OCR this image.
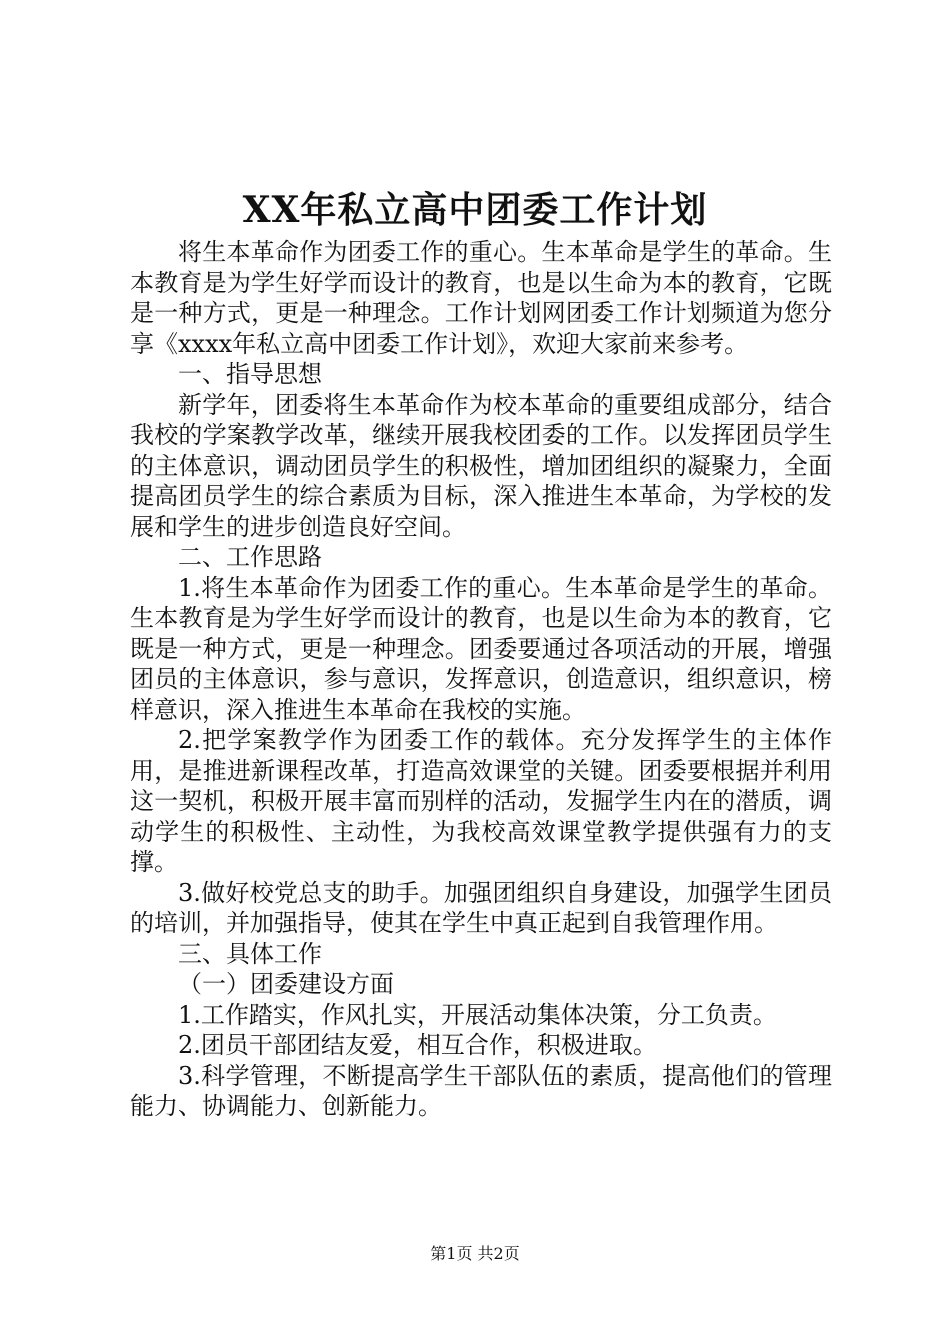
XX年私立高中团委工作计划

将生本革命作为团委工作的重心。生本革命是学生的革命。生本教育是为学生好学而设计的教育，也是以生命为本的教育，它既是一种方式，更是一种理念。工作计划网团委工作计划频道为您分享《xxxx年私立高中团委工作计划》，欢迎大家前来参考。

一、指导思想

新学年，团委将生本革命作为校本革命的重要组成部分，结合我校的学案教学改革，继续开展我校团委的工作。以发挥团员学生的主体意识，调动团员学生的积极性，增加团组织的凝聚力，全面提高团员学生的综合素质为目标，深入推进生本革命，为学校的发展和学生的进步创造良好空间。

二、工作思路

1.将生本革命作为团委工作的重心。生本革命是学生的革命。生本教育是为学生好学而设计的教育，也是以生命为本的教育，它既是一种方式，更是一种理念。团委要通过各项活动的开展，增强团员的主体意识，参与意识，发挥意识，创造意识，组织意识，榜样意识，深入推进生本革命在我校的实施。

2.把学案教学作为团委工作的载体。充分发挥学生的主体作用，是推进新课程改革，打造高效课堂的关键。团委要根据并利用这一契机，积极开展丰富而别样的活动，发掘学生内在的潜质，调动学生的积极性、主动性，为我校高效课堂教学提供强有力的支撑。

3.做好校党总支的助手。加强团组织自身建设，加强学生团员的培训，并加强指导，使其在学生中真正起到自我管理作用。

三、具体工作

（一）团委建设方面

1.工作踏实，作风扎实，开展活动集体决策，分工负责。

2.团员干部团结友爱，相互合作，积极进取。

3.科学管理，不断提高学生干部队伍的素质，提高他们的管理能力、协调能力、创新能力。

第1页 共2页
